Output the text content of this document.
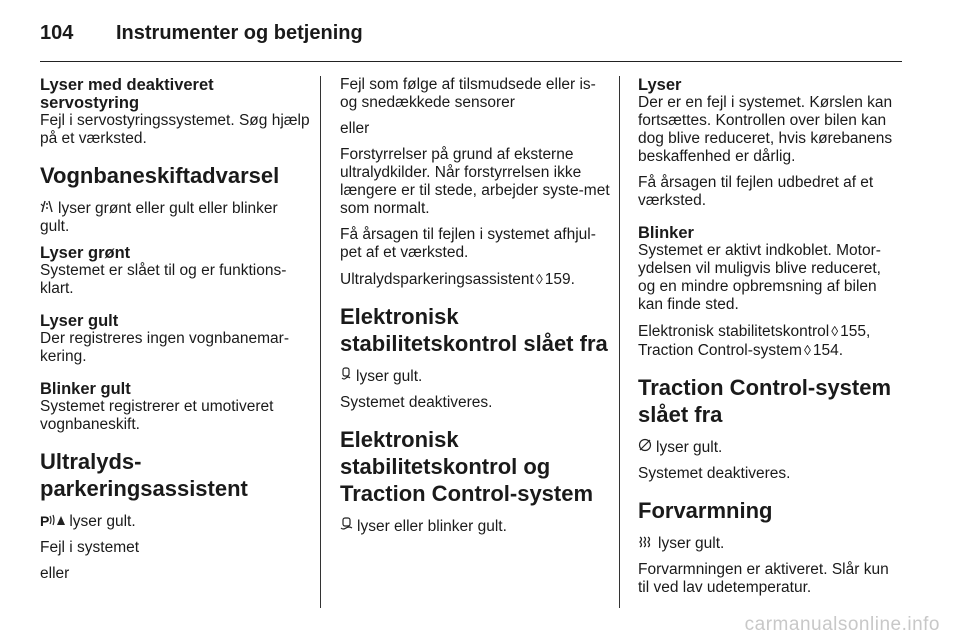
104 Instrumenter og betjening
Lyser med deaktiveret
servostyring

Fejl i servostyringssystemet. Søg hjælp på et værksted.

Vognbaneskiftadvarsel

lyser grønt eller gult eller blinker gult.

Lyser grønt

Systemet er slået til og er funktions-klart.

Lyser gult

Der registreres ingen vognbanemar-kering.

Blinker gult

Systemet registrerer et umotiveret vognbaneskift.

Ultralyds-
parkeringsassistent

P lyser gult.

Fejl i systemet

eller

Fejl som følge af tilsmudsede eller is- og snedækkede sensorer

eller

Forstyrrelser på grund af eksterne ultralydkilder. Når forstyrrelsen ikke længere er til stede, arbejder syste-met som normalt.

Få årsagen til fejlen i systemet afhjul-pet af et værksted.

Ultralydsparkeringsassistent ◊ 159.

Elektronisk
stabilitetskontrol slået fra

lyser gult.

Systemet deaktiveres.

Elektronisk
stabilitetskontrol og
Traction Control-system

lyser eller blinker gult.

Lyser

Der er en fejl i systemet. Kørslen kan fortsættes. Kontrollen over bilen kan dog blive reduceret, hvis kørebanens beskaffenhed er dårlig.

Få årsagen til fejlen udbedret af et værksted.

Blinker

Systemet er aktivt indkoblet. Motor-ydelsen vil muligvis blive reduceret, og en mindre opbremsning af bilen kan finde sted.

Elektronisk stabilitetskontrol ◊ 155,
Traction Control-system ◊ 154.

Traction Control-system
slået fra

lyser gult.

Systemet deaktiveres.

Forvarmning

lyser gult.

Forvarmningen er aktiveret. Slår kun til ved lav udetemperatur.

carmanualsonline.info
